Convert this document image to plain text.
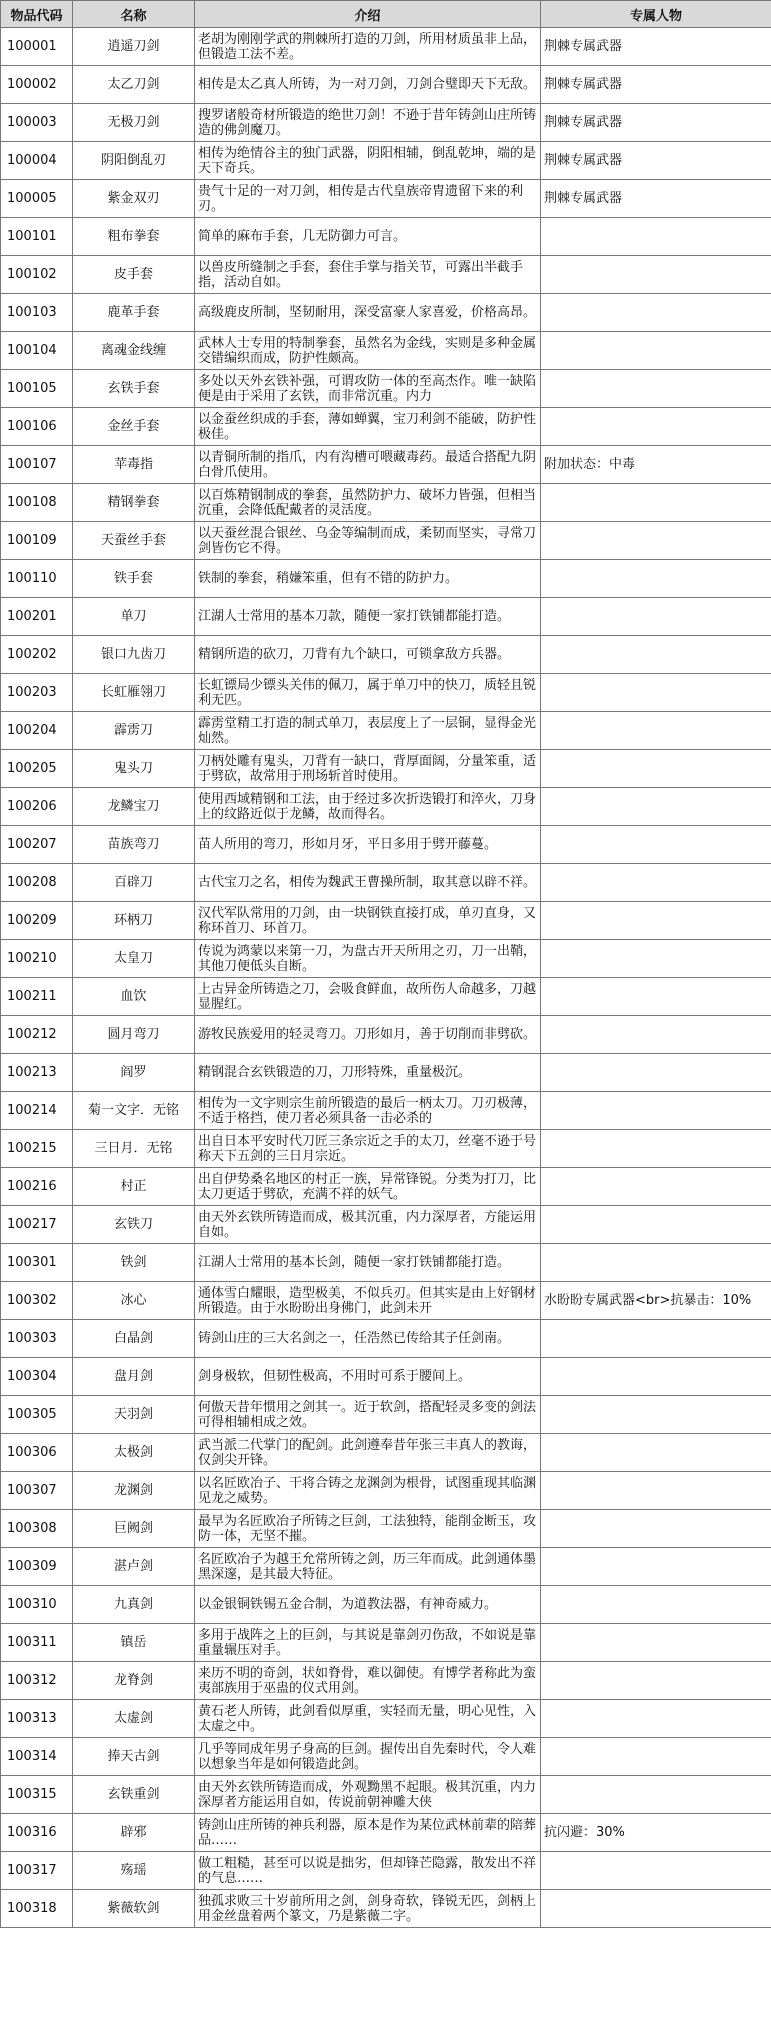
物品代码	名称	介绍	专属人物
100001	逍遥刀剑	老胡为刚刚学武的荆棘所打造的刀剑，所用材质虽非上品，但锻造工法不差。	荆棘专属武器
100002	太乙刀剑	相传是太乙真人所铸，为一对刀剑，刀剑合璧即天下无敌。	荆棘专属武器
100003	无极刀剑	搜罗诸般奇材所锻造的绝世刀剑！不逊于昔年铸剑山庄所铸造的佛剑魔刀。	荆棘专属武器
100004	阴阳倒乱刃	相传为绝情谷主的独门武器，阴阳相辅，倒乱乾坤，端的是天下奇兵。	荆棘专属武器
100005	紫金双刃	贵气十足的一对刀剑，相传是古代皇族帝胄遗留下来的利刃。	荆棘专属武器
100101	粗布拳套	简单的麻布手套，几无防御力可言。	

100102	皮手套	以兽皮所缝制之手套，套住手掌与指关节，可露出半截手指，活动自如。	

100103	鹿革手套	高级鹿皮所制，坚韧耐用，深受富豪人家喜爱，价格高昂。	

100104	离魂金线缠	武林人士专用的特制拳套，虽然名为金线，实则是多种金属交错编织而成，防护性颇高。	

100105	玄铁手套	多处以天外玄铁补强，可谓攻防一体的至高杰作。唯一缺陷便是由于采用了玄铁，而非常沉重。内力	

100106	金丝手套	以金蚕丝织成的手套，薄如蝉翼，宝刀利剑不能破，防护性极佳。	

100107	苹毒指	以青铜所制的指爪，内有沟槽可喂藏毒药。最适合搭配九阴白骨爪使用。	附加状态：中毒
100108	精钢拳套	以百炼精钢制成的拳套，虽然防护力、破坏力皆强，但相当沉重，会降低配戴者的灵活度。	

100109	天蚕丝手套	以天蚕丝混合银丝、乌金等编制而成，柔韧而坚实，寻常刀剑皆伤它不得。	

100110	铁手套	铁制的拳套，稍嫌笨重，但有不错的防护力。	

100201	单刀	江湖人士常用的基本刀款，随便一家打铁铺都能打造。	

100202	银口九齿刀	精钢所造的砍刀，刀背有九个缺口，可锁拿敌方兵器。	

100203	长虹雁翎刀	长虹镖局少镖头关伟的佩刀，属于单刀中的快刀，质轻且锐利无匹。	

100204	霹雳刀	霹雳堂精工打造的制式单刀，表层度上了一层铜，显得金光灿然。	

100205	鬼头刀	刀柄处雕有鬼头，刀背有一缺口，背厚面阔，分量笨重，适于劈砍，故常用于刑场斩首时使用。	

100206	龙鳞宝刀	使用西域精钢和工法，由于经过多次折迭锻打和淬火，刀身上的纹路近似于龙鳞，故而得名。	

100207	苗族弯刀	苗人所用的弯刀，形如月牙，平日多用于劈开藤蔓。	

100208	百辟刀	古代宝刀之名，相传为魏武王曹操所制，取其意以辟不祥。	

100209	环柄刀	汉代军队常用的刀剑，由一块钢铁直接打成，单刃直身，又称环首刀、环首刀。	

100210	太皇刀	传说为鸿蒙以来第一刀，为盘古开天所用之刃，刀一出鞘，其他刀便低头自断。	

100211	血饮	上古异金所铸造之刀，会吸食鲜血，故所伤人命越多，刀越显腥红。	

100212	圆月弯刀	游牧民族爱用的轻灵弯刀。刀形如月，善于切削而非劈砍。	

100213	阎罗	精钢混合玄铁锻造的刀，刀形特殊，重量极沉。	

100214	菊一文字．无铭	相传为一文字则宗生前所锻造的最后一柄太刀。刀刃极薄，不适于格挡，使刀者必须具备一击必杀的	

100215	三日月．无铭	出自日本平安时代刀匠三条宗近之手的太刀，丝毫不逊于号称天下五剑的三日月宗近。	

100216	村正	出自伊势桑名地区的村正一族，异常锋锐。分类为打刀，比太刀更适于劈砍，充满不祥的妖气。	

100217	玄铁刀	由天外玄铁所铸造而成，极其沉重，内力深厚者，方能运用自如。	

100301	铁剑	江湖人士常用的基本长剑，随便一家打铁铺都能打造。	

100302	冰心	通体雪白耀眼，造型极美，不似兵刃。但其实是由上好钢材所锻造。由于水盼盼出身佛门，此剑未开	水盼盼专属武器<br>抗暴击：10%
100303	白晶剑	铸剑山庄的三大名剑之一，任浩然已传给其子任剑南。	

100304	盘月剑	剑身极软，但韧性极高，不用时可系于腰间上。	

100305	天羽剑	何傲天昔年惯用之剑其一。近于软剑，搭配轻灵多变的剑法可得相辅相成之效。	

100306	太极剑	武当派二代掌门的配剑。此剑遵奉昔年张三丰真人的教诲，仅剑尖开锋。	

100307	龙渊剑	以名匠欧冶子、干将合铸之龙渊剑为根骨，试图重现其临渊见龙之威势。	

100308	巨阙剑	最早为名匠欧冶子所铸之巨剑，工法独特，能削金断玉，攻防一体，无坚不摧。	

100309	湛卢剑	名匠欧冶子为越王允常所铸之剑，历三年而成。此剑通体墨黑深邃，是其最大特征。	

100310	九真剑	以金银铜铁锡五金合制，为道教法器，有神奇威力。	

100311	镇岳	多用于战阵之上的巨剑，与其说是靠剑刃伤敌，不如说是靠重量辗压对手。	

100312	龙脊剑	来历不明的奇剑，状如脊骨，难以御使。有博学者称此为蛮夷部族用于巫蛊的仪式用剑。	

100313	太虚剑	黄石老人所铸，此剑看似厚重，实轻而无量，明心见性，入太虚之中。	

100314	捧天古剑	几乎等同成年男子身高的巨剑。握传出自先秦时代，令人难以想象当年是如何锻造此剑。	

100315	玄铁重剑	由天外玄铁所铸造而成，外观黝黑不起眼。极其沉重，内力深厚者方能运用自如，传说前朝神雕大侠	

100316	辟邪	铸剑山庄所铸的神兵利器，原本是作为某位武林前辈的陪葬品……	抗闪避：30%
100317	殇瑶	做工粗糙，甚至可以说是拙劣，但却锋芒隐露，散发出不祥的气息……	

100318	紫薇软剑	独孤求败三十岁前所用之剑，剑身奇软，锋锐无匹，剑柄上用金丝盘着两个篆文，乃是紫薇二字。	
